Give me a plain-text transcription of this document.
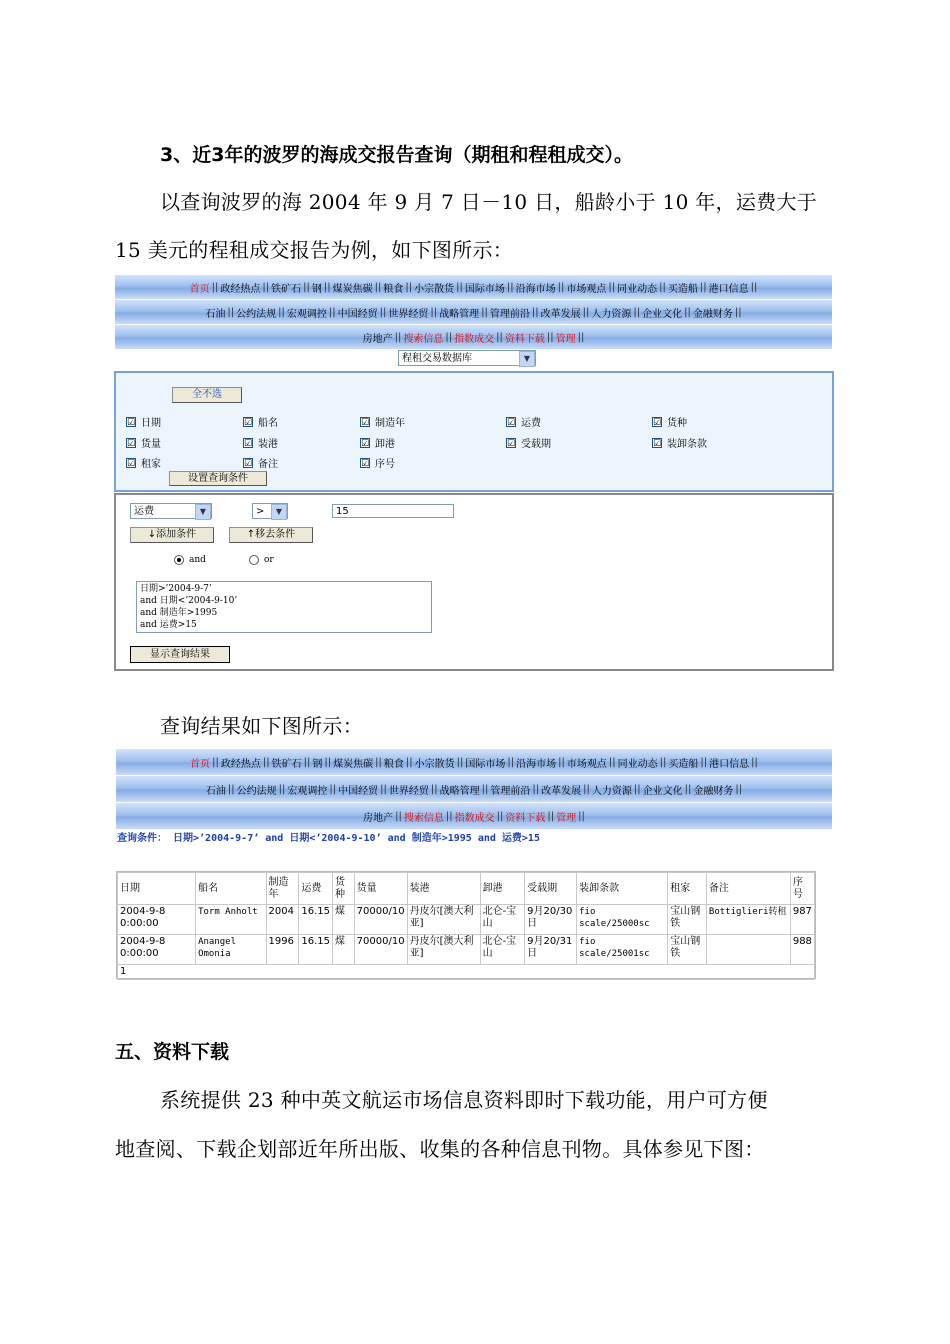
3、近3年的波罗的海成交报告查询（期租和程租成交）。
以查询波罗的海 2004 年 9 月 7 日－10 日，船龄小于 10 年，运费大于
15 美元的程租成交报告为例，如下图所示：
首页 || 政经热点 || 铁矿石 || 钢 || 煤炭焦碳 || 粮食 || 小宗散货 || 国际市场 || 沿海市场 || 市场观点 || 同业动态 || 买造船 || 港口信息 ||
石油 || 公约法规 || 宏观调控 || 中国经贸 || 世界经贸 || 战略管理 || 管理前沿 || 改革发展 || 人力资源 || 企业文化 || 金融财务 ||
房地产 || 搜索信息 || 指数成交 || 资料下载 || 管理 ||
程租交易数据库	▼
全不选
☑ 日期	☑ 船名	☑ 制造年	☑ 运费	☑ 货种
☑ 货量	☑ 装港	☑ 卸港	☑ 受载期	☑ 装卸条款
☑ 租家	☑ 备注	☑ 序号
设置查询条件
运费	▼	>	▼	15
↓添加条件	↑移去条件
and	or
日期>’2004-9-7’
and 日期<’2004-9-10’
and 制造年>1995
and 运费>15
显示查询结果
查询结果如下图所示：
首页 || 政经热点 || 铁矿石 || 钢 || 煤炭焦碳 || 粮食 || 小宗散货 || 国际市场 || 沿海市场 || 市场观点 || 同业动态 || 买造船 || 港口信息 ||
石油 || 公约法规 || 宏观调控 || 中国经贸 || 世界经贸 || 战略管理 || 管理前沿 || 改革发展 || 人力资源 || 企业文化 || 金融财务 ||
房地产 || 搜索信息 || 指数成交 || 资料下载 || 管理 ||
查询条件： 日期>’2004-9-7’ and 日期<’2004-9-10’ and 制造年>1995 and 运费>15
日期	船名	制造年	运费	货种	货量	装港	卸港	受载期	装卸条款	租家	备注	序号
2004-9-8 0:00:00	Torm Anholt	2004	16.15	煤	70000/10	丹皮尔[澳大利亚]	北仑-宝山	9月20/30日	fio scale/25000sc	宝山钢铁	Bottiglieri转租	987
2004-9-8 0:00:00	Anangel Omonia	1996	16.15	煤	70000/10	丹皮尔[澳大利亚]	北仑-宝山	9月20/31日	fio scale/25001sc	宝山钢铁		988
1												
五、资料下载
系统提供 23 种中英文航运市场信息资料即时下载功能，用户可方便
地查阅、下载企划部近年所出版、收集的各种信息刊物。具体参见下图：
